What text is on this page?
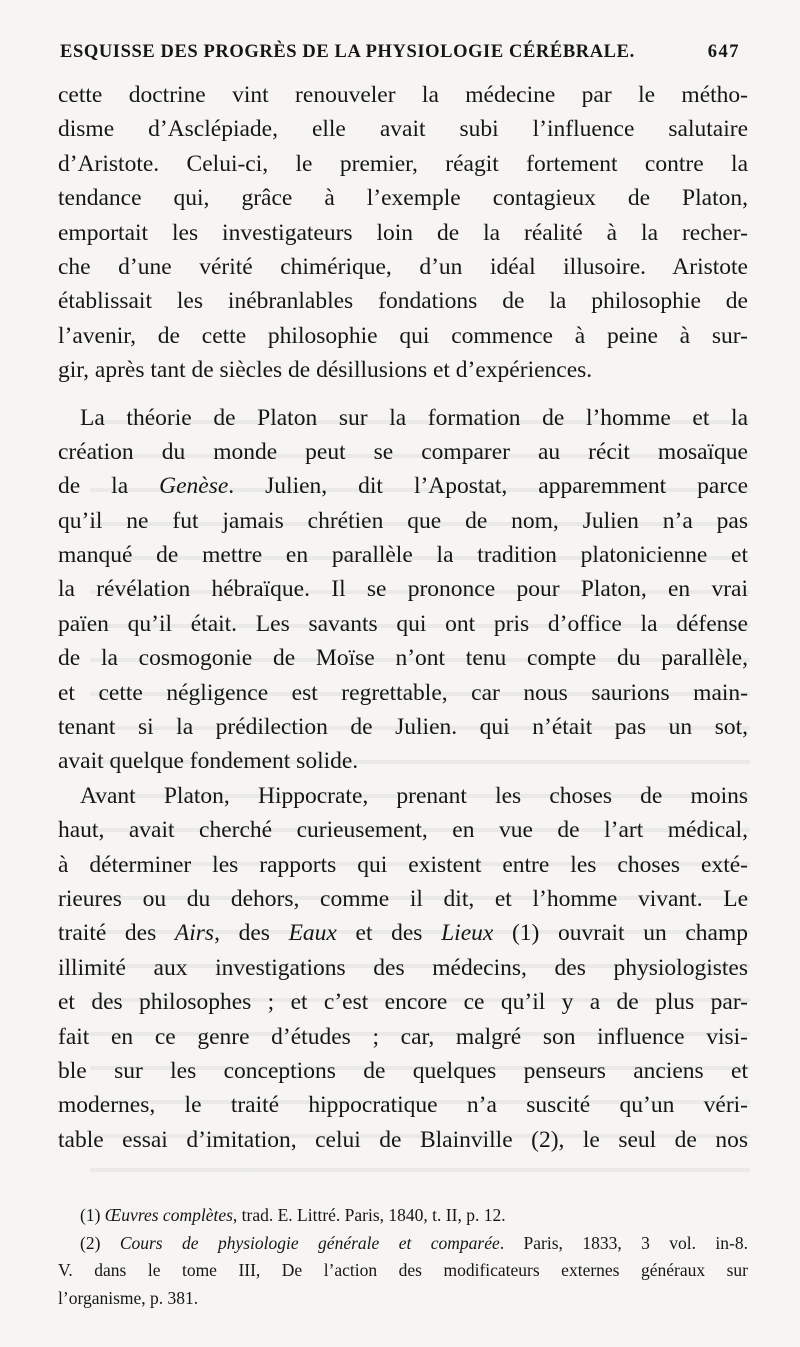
ESQUISSE DES PROGRÈS DE LA PHYSIOLOGIE CÉRÉBRALE.	647
cette doctrine vint renouveler la médecine par le métho-
disme d’Asclépiade, elle avait subi l’influence salutaire
d’Aristote. Celui-ci, le premier, réagit fortement contre la
tendance qui, grâce à l’exemple contagieux de Platon,
emportait les investigateurs loin de la réalité à la recher-
che d’une vérité chimérique, d’un idéal illusoire. Aristote
établissait les inébranlables fondations de la philosophie de
l’avenir, de cette philosophie qui commence à peine à sur-
gir, après tant de siècles de désillusions et d’expériences.
La théorie de Platon sur la formation de l’homme et la
création du monde peut se comparer au récit mosaïque
de la Genèse. Julien, dit l’Apostat, apparemment parce
qu’il ne fut jamais chrétien que de nom, Julien n’a pas
manqué de mettre en parallèle la tradition platonicienne et
la révélation hébraïque. Il se prononce pour Platon, en vrai
païen qu’il était. Les savants qui ont pris d’office la défense
de la cosmogonie de Moïse n’ont tenu compte du parallèle,
et cette négligence est regrettable, car nous saurions main-
tenant si la prédilection de Julien. qui n’était pas un sot,
avait quelque fondement solide.
Avant Platon, Hippocrate, prenant les choses de moins
haut, avait cherché curieusement, en vue de l’art médical,
à déterminer les rapports qui existent entre les choses exté-
rieures ou du dehors, comme il dit, et l’homme vivant. Le
traité des Airs, des Eaux et des Lieux (1) ouvrait un champ
illimité aux investigations des médecins, des physiologistes
et des philosophes ; et c’est encore ce qu’il y a de plus par-
fait en ce genre d’études ; car, malgré son influence visi-
ble sur les conceptions de quelques penseurs anciens et
modernes, le traité hippocratique n’a suscité qu’un véri-
table essai d’imitation, celui de Blainville (2), le seul de nos
(1) Œuvres complètes, trad. E. Littré. Paris, 1840, t. II, p. 12.
(2) Cours de physiologie générale et comparée. Paris, 1833, 3 vol. in-8.
V. dans le tome III, De l’action des modificateurs externes généraux sur
l’organisme, p. 381.
